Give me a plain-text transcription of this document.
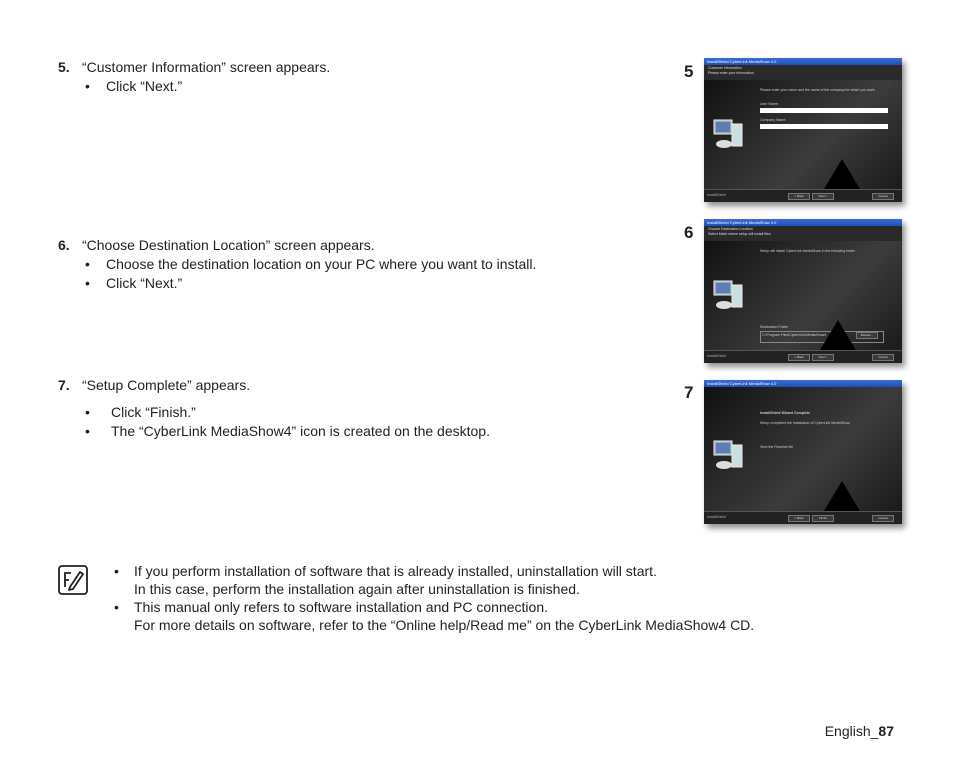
5. “Customer Information” screen appears.
• Click “Next.”
6. “Choose Destination Location” screen appears.
• Choose the destination location on your PC where you want to install.
• Click “Next.”
7. “Setup Complete” appears.
• Click “Finish.”
• The “CyberLink MediaShow4” icon is created on the desktop.
5
InstallShield CyberLink MediaShow 4.0
Customer Information
Please enter your information.
Please enter your name and the name of the company for which you work.
User Name:
Company Name:
InstallShield	< Back	Next >	Cancel
6
InstallShield CyberLink MediaShow 4.0
Choose Destination Location
Select folder where setup will install files.
Setup will install CyberLink MediaShow in the following folder.
Destination Folder
C:\Program Files\CyberLink\MediaShow4	Browse...
InstallShield	< Back	Next >	Cancel
7	InstallShield CyberLink MediaShow 4.0
InstallShield Wizard Complete
Setup completed the installation of CyberLink MediaShow.
View the Readme file
InstallShield	< Back	Finish	Cancel
• If you perform installation of software that is already installed, uninstallation will start.
In this case, perform the installation again after uninstallation is finished.
• This manual only refers to software installation and PC connection.
For more details on software, refer to the “Online help/Read me” on the CyberLink MediaShow4 CD.
English_87
